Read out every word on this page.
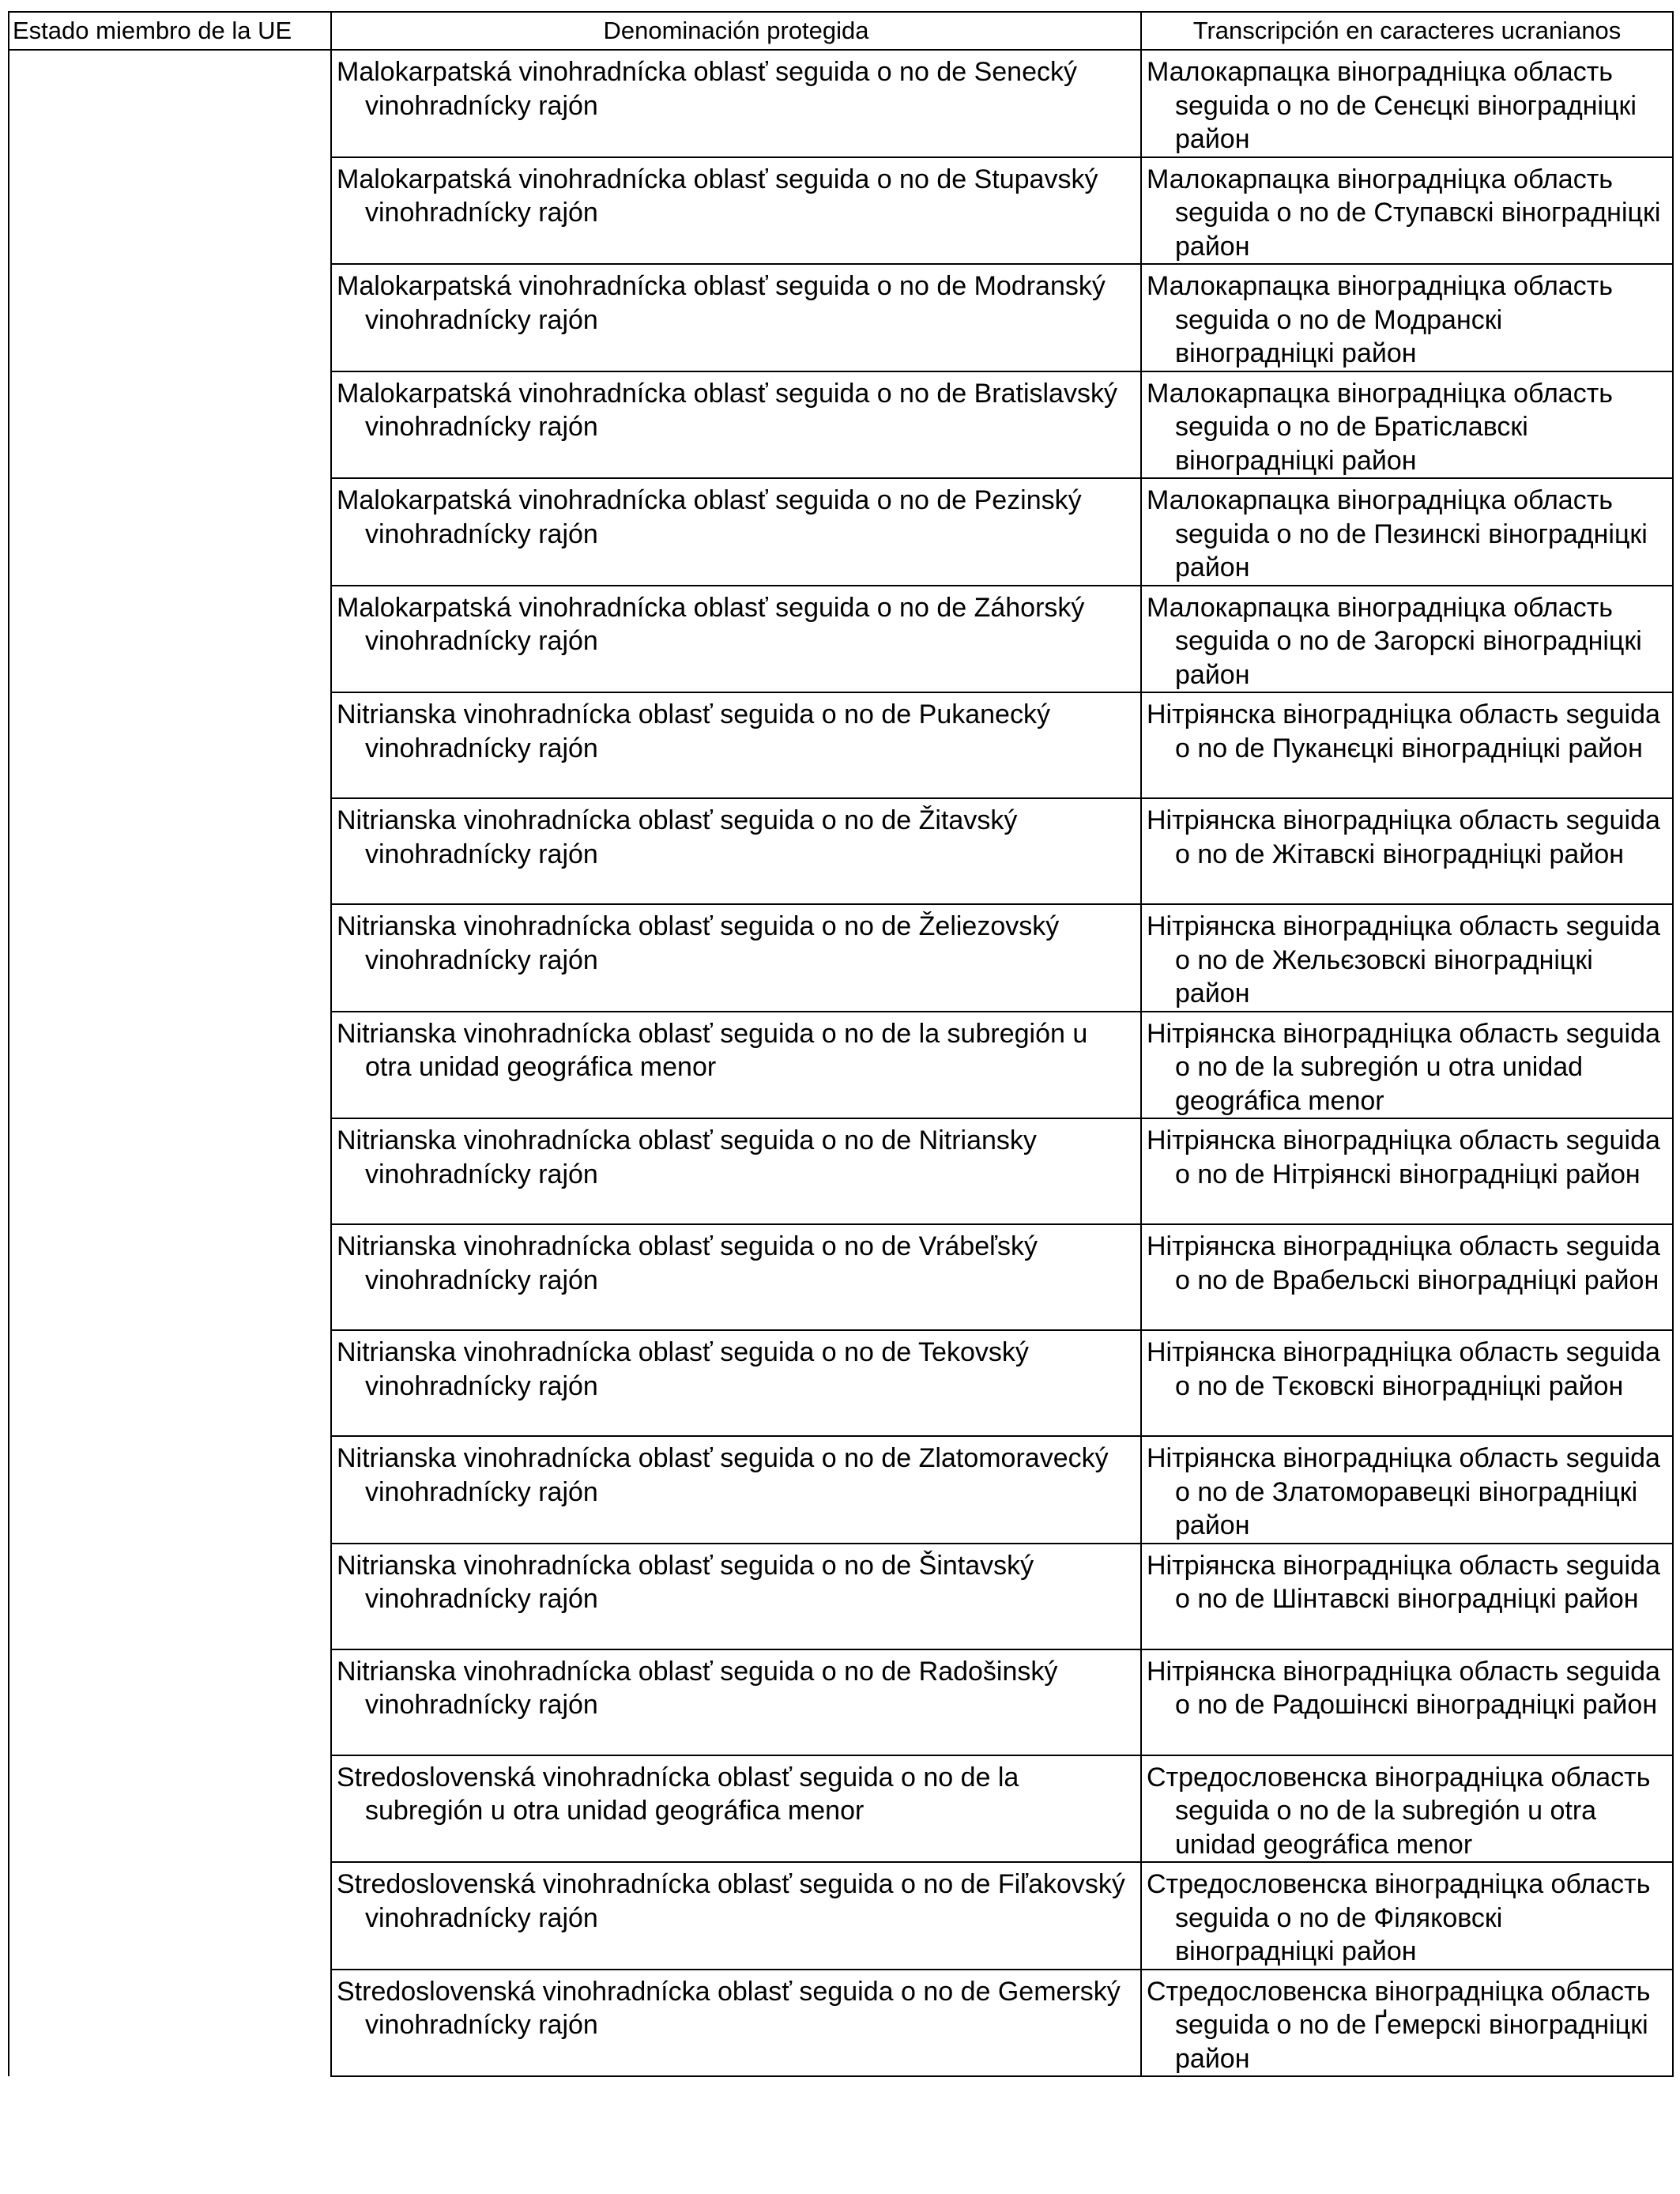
Estado miembro de la UE	Denominación protegida	Transcripción en caracteres ucranianos

	Malokarpatská vinohradnícka oblasť seguida o no de Senecký vinohradnícky rajón	Малокарпацка віноградніцка область seguida o no de Сенєцкі віноградніцкі район

	Malokarpatská vinohradnícka oblasť seguida o no de Stupavský vinohradnícky rajón	Малокарпацка віноградніцка область seguida o no de Ступавскі віноградніцкі район

	Malokarpatská vinohradnícka oblasť seguida o no de Modranský vinohradnícky rajón	Малокарпацка віноградніцка область seguida o no de Модранскі віноградніцкі район

	Malokarpatská vinohradnícka oblasť seguida o no de Bratislavský vinohradnícky rajón	Малокарпацка віноградніцка область seguida o no de Братіславскі віноградніцкі район

	Malokarpatská vinohradnícka oblasť seguida o no de Pezinský vinohradnícky rajón	Малокарпацка віноградніцка область seguida o no de Пезинскі віноградніцкі район

	Malokarpatská vinohradnícka oblasť seguida o no de Záhorský vinohradnícky rajón	Малокарпацка віноградніцка область seguida o no de Загорскі віноградніцкі район

	Nitrianska vinohradnícka oblasť seguida o no de Pukanecký vinohradnícky rajón	Нітріянска віноградніцка область seguida o no de Пуканєцкі віноградніцкі район

	Nitrianska vinohradnícka oblasť seguida o no de Žitavský vinohradnícky rajón	Нітріянска віноградніцка область seguida o no de Жітавскі віноградніцкі район

	Nitrianska vinohradnícka oblasť seguida o no de Želiezovský vinohradnícky rajón	Нітріянска віноградніцка область seguida o no de Жельєзовскі віноградніцкі район

	Nitrianska vinohradnícka oblasť seguida o no de la subregión u otra unidad geográfica menor	Нітріянска віноградніцка область seguida o no de la subregión u otra unidad geográfica menor

	Nitrianska vinohradnícka oblasť seguida o no de Nitriansky vinohradnícky rajón	Нітріянска віноградніцка область seguida o no de Нітріянскі віноградніцкі район

	Nitrianska vinohradnícka oblasť seguida o no de Vrábeľský vinohradnícky rajón	Нітріянска віноградніцка область seguida o no de Врабельскі віноградніцкі район

	Nitrianska vinohradnícka oblasť seguida o no de Tekovský vinohradnícky rajón	Нітріянска віноградніцка область seguida o no de Тєковскі віноградніцкі район

	Nitrianska vinohradnícka oblasť seguida o no de Zlatomoravecký vinohradnícky rajón	Нітріянска віноградніцка область seguida o no de Златоморавецкі віноградніцкі район

	Nitrianska vinohradnícka oblasť seguida o no de Šintavský vinohradnícky rajón	Нітріянска віноградніцка область seguida o no de Шінтавскі віноградніцкі район

	Nitrianska vinohradnícka oblasť seguida o no de Radošinský vinohradnícky rajón	Нітріянска віноградніцка область seguida o no de Радошінскі віноградніцкі район

	Stredoslovenská vinohradnícka oblasť seguida o no de la subregión u otra unidad geográfica menor	Стредословенска віноградніцка область seguida o no de la subregión u otra unidad geográfica menor

	Stredoslovenská vinohradnícka oblasť seguida o no de Fiľakovský vinohradnícky rajón	Стредословенска віноградніцка область seguida o no de Філяковскі віноградніцкі район

	Stredoslovenská vinohradnícka oblasť seguida o no de Gemerský vinohradnícky rajón	Стредословенска віноградніцка область seguida o no de Ґемерскі віноградніцкі район
